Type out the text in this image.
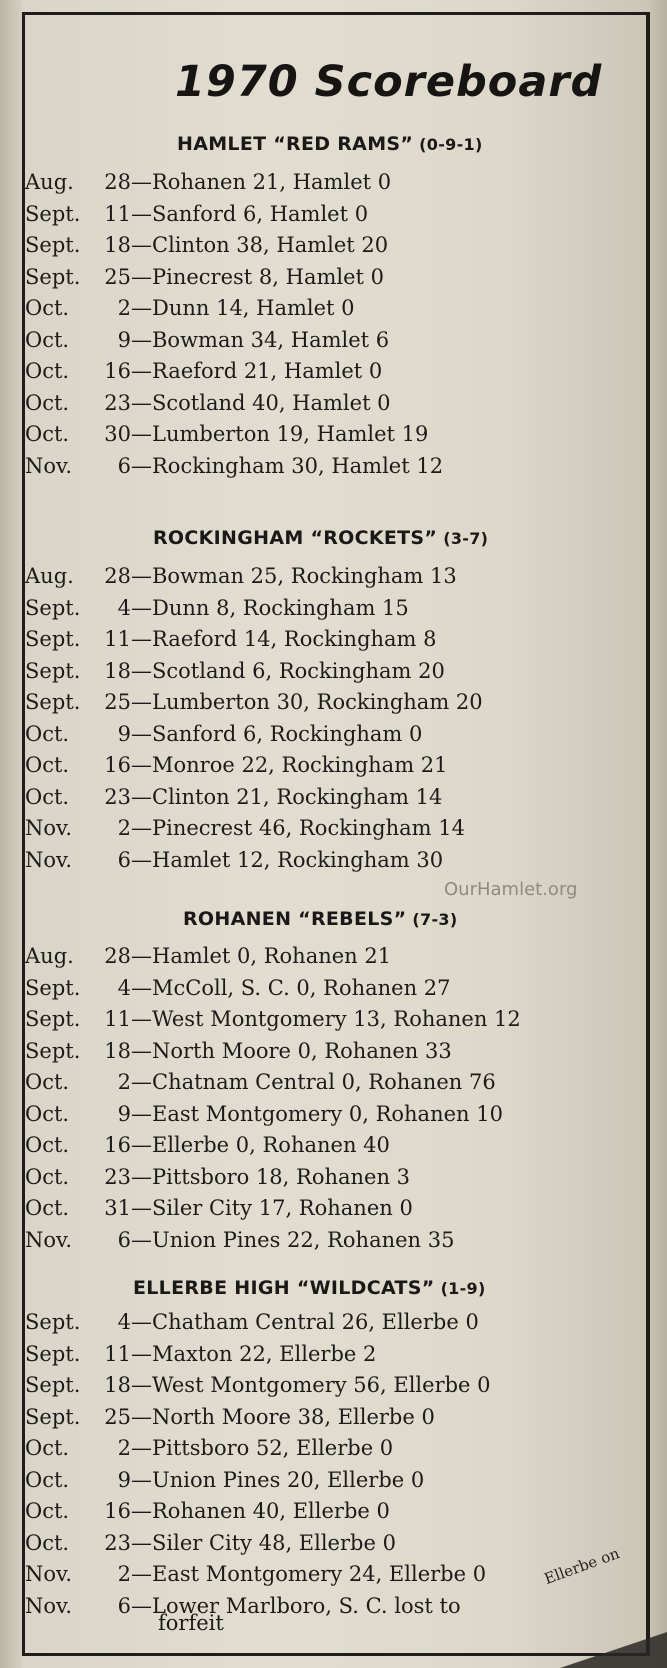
1970 Scoreboard
HAMLET “RED RAMS” (0-9-1)
Aug.	28 —Rohanen 21, Hamlet 0
Sept.	11 —Sanford 6, Hamlet 0
Sept.	18 —Clinton 38, Hamlet 20
Sept.	25 —Pinecrest 8, Hamlet 0
Oct.	2 —Dunn 14, Hamlet 0
Oct.	9 —Bowman 34, Hamlet 6
Oct.	16 —Raeford 21, Hamlet 0
Oct.	23 —Scotland 40, Hamlet 0
Oct.	30 —Lumberton 19, Hamlet 19
Nov.	6 —Rockingham 30, Hamlet 12
ROCKINGHAM “ROCKETS” (3-7)
Aug.	28 —Bowman 25, Rockingham 13
Sept.	4 —Dunn 8, Rockingham 15
Sept.	11 —Raeford 14, Rockingham 8
Sept.	18 —Scotland 6, Rockingham 20
Sept.	25 —Lumberton 30, Rockingham 20
Oct.	9 —Sanford 6, Rockingham 0
Oct.	16 —Monroe 22, Rockingham 21
Oct.	23 —Clinton 21, Rockingham 14
Nov.	2 —Pinecrest 46, Rockingham 14
Nov.	6 —Hamlet 12, Rockingham 30

OurHamlet.org

ROHANEN “REBELS” (7-3)
Aug.	28 —Hamlet 0, Rohanen 21
Sept.	4 —McColl, S. C. 0, Rohanen 27
Sept.	11 —West Montgomery 13, Rohanen 12
Sept.	18 —North Moore 0, Rohanen 33
Oct.	2 —Chatnam Central 0, Rohanen 76
Oct.	9 —East Montgomery 0, Rohanen 10
Oct.	16 —Ellerbe 0, Rohanen 40
Oct.	23 —Pittsboro 18, Rohanen 3
Oct.	31 —Siler City 17, Rohanen 0
Nov.	6 —Union Pines 22, Rohanen 35
ELLERBE HIGH “WILDCATS” (1-9)
Sept.	4 —Chatham Central 26, Ellerbe 0
Sept.	11 —Maxton 22, Ellerbe 2
Sept.	18 —West Montgomery 56, Ellerbe 0
Sept.	25 —North Moore 38, Ellerbe 0
Oct.	2 —Pittsboro 52, Ellerbe 0
Oct.	9 —Union Pines 20, Ellerbe 0
Oct.	16 —Rohanen 40, Ellerbe 0
Oct.	23 —Siler City 48, Ellerbe 0
Nov.	2 —East Montgomery 24, Ellerbe 0
Nov.	6 —Lower Marlboro, S. C. lost to

forfeit

Ellerbe on
